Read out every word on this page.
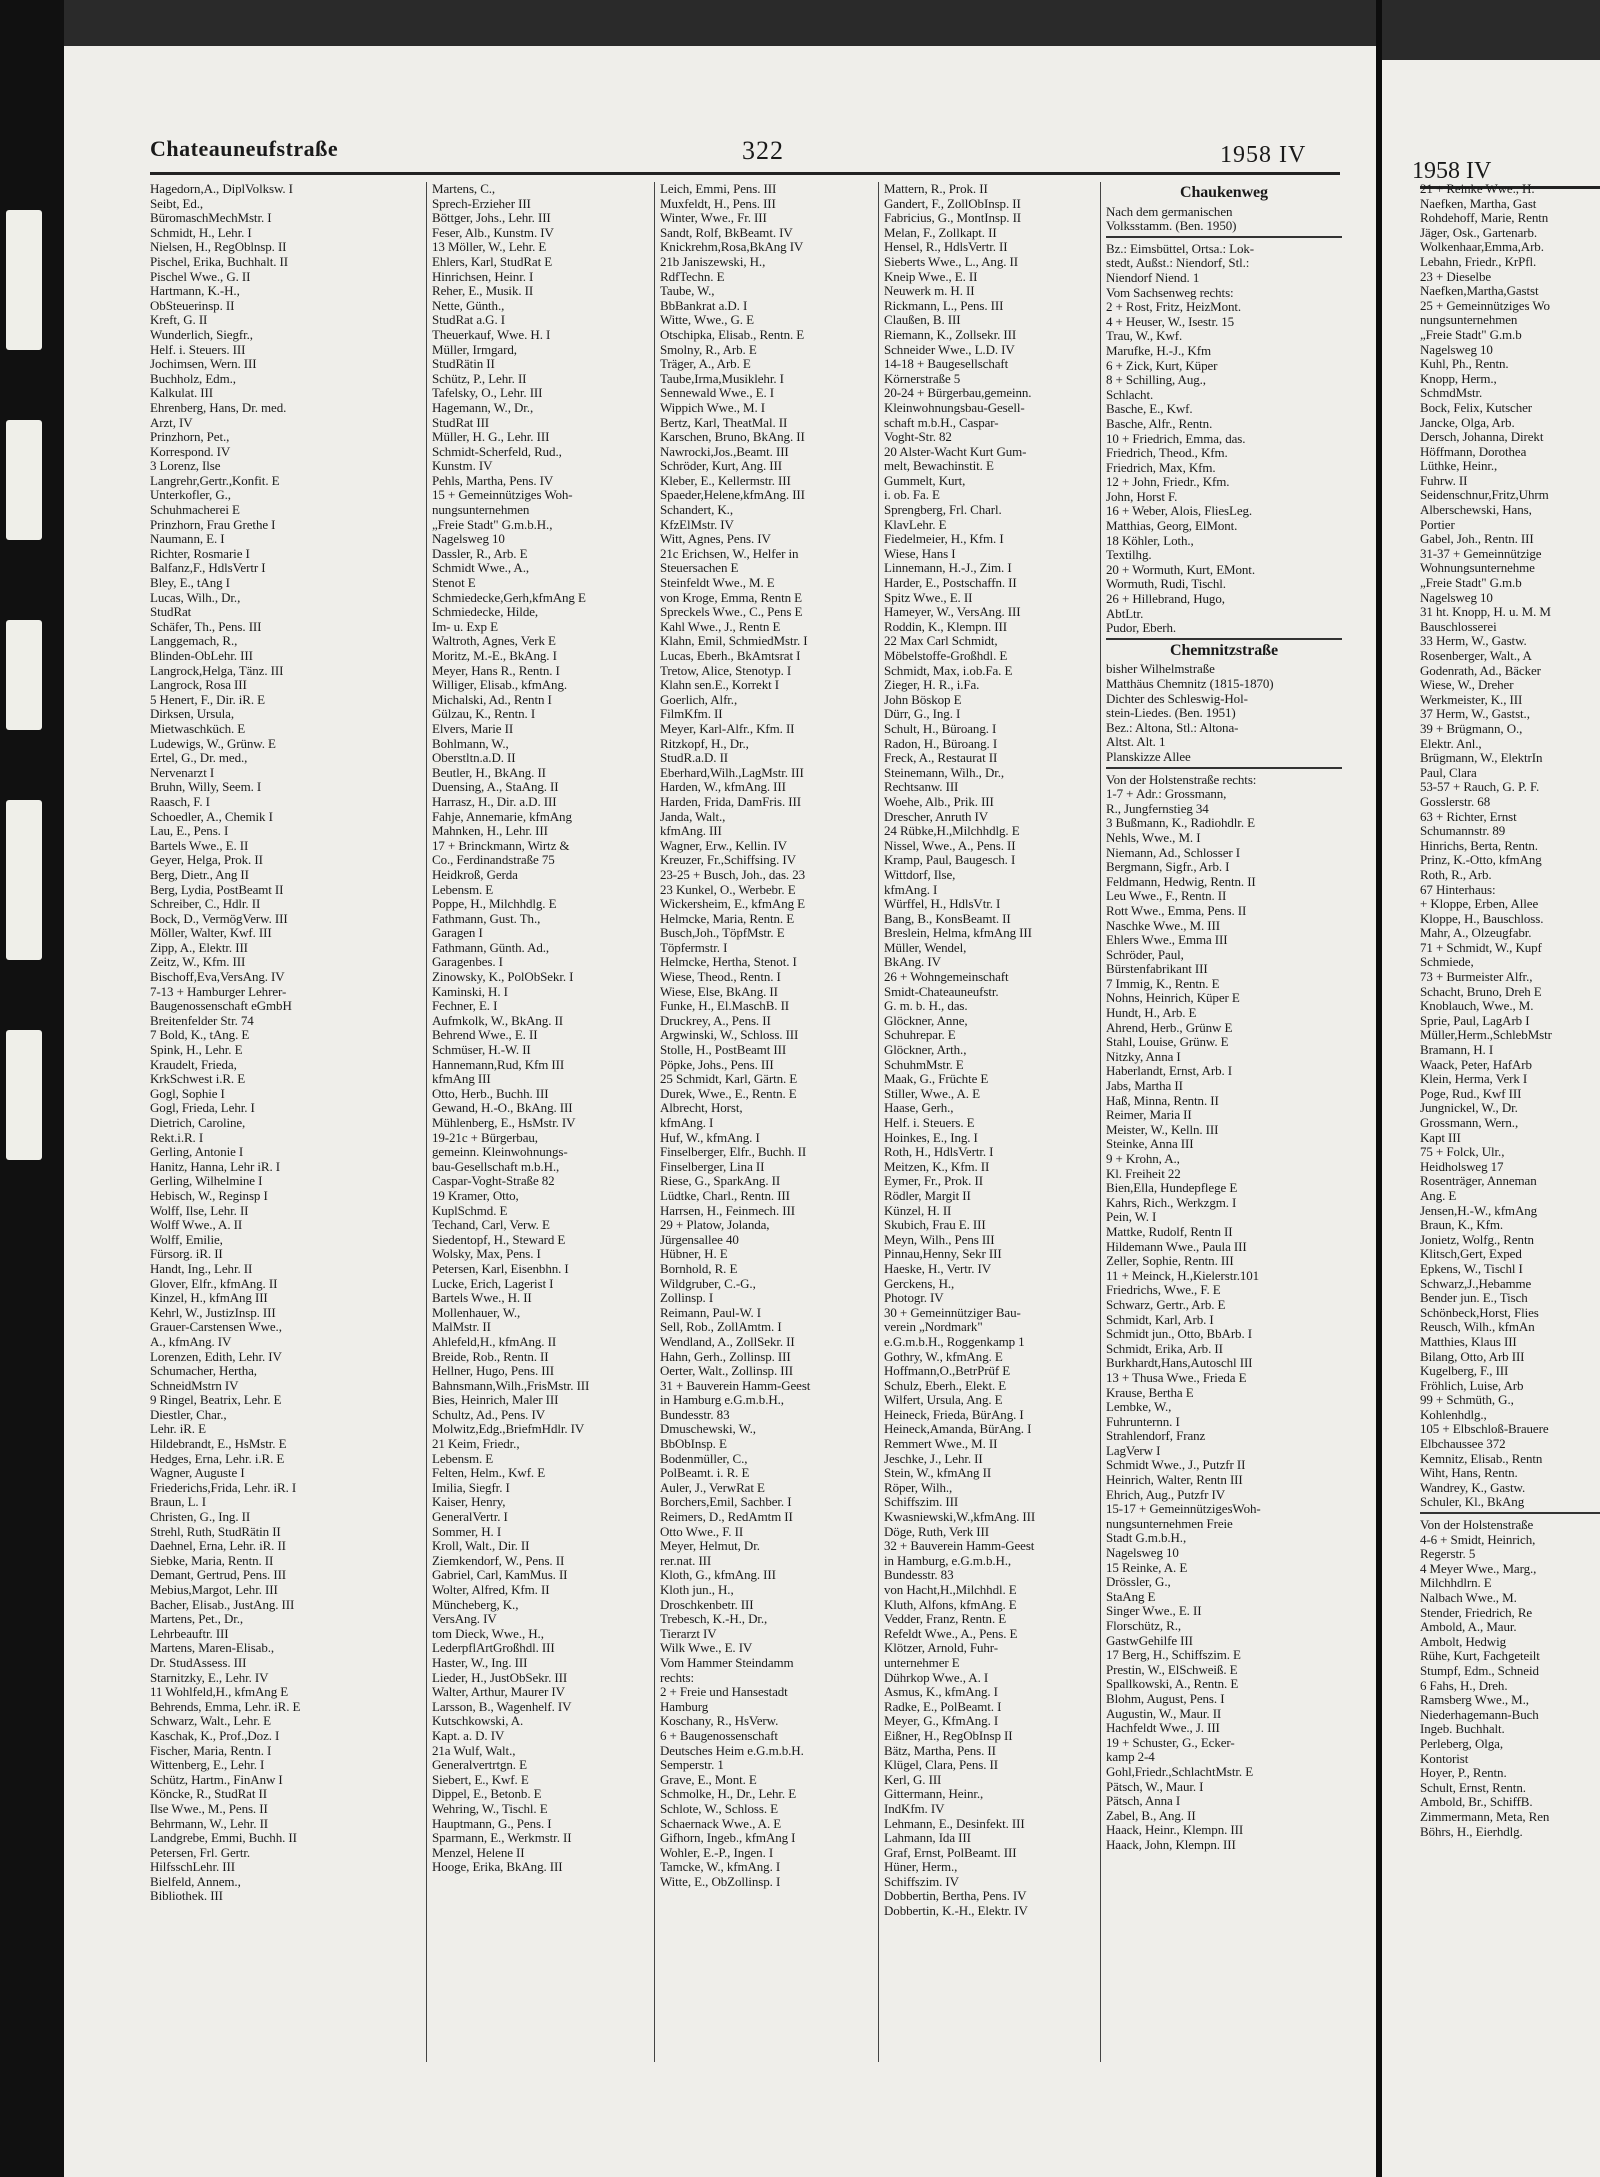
Chateauneufstraße	322	1958 IV
1958 IV
Hagedorn,A., DiplVolksw. I
Seibt, Ed.,
BüromaschMechMstr. I
Schmidt, H., Lehr. I
Nielsen, H., RegOblnsp. II
Pischel, Erika, Buchhalt. II
Pischel Wwe., G. II
Hartmann, K.-H.,
ObSteuerinsp. II
Kreft, G. II
Wunderlich, Siegfr.,
Helf. i. Steuers. III
Jochimsen, Wern. III
Buchholz, Edm.,
Kalkulat. III
Ehrenberg, Hans, Dr. med.
Arzt, IV
Prinzhorn, Pet.,
Korrespond. IV
3 Lorenz, Ilse
Langrehr,Gertr.,Konfit. E
Unterkofler, G.,
Schuhmacherei E
Prinzhorn, Frau Grethe I
Naumann, E. I
Richter, Rosmarie I
Balfanz,F., HdlsVertr I
Bley, E., tAng I
Lucas, Wilh., Dr.,
StudRat
Schäfer, Th., Pens. III
Langgemach, R.,
Blinden-ObLehr. III
Langrock,Helga, Tänz. III
Langrock, Rosa III
5 Henert, F., Dir. iR. E
Dirksen, Ursula,
Mietwaschküch. E
Ludewigs, W., Grünw. E
Ertel, G., Dr. med.,
Nervenarzt I
Bruhn, Willy, Seem. I
Raasch, F. I
Schoedler, A., Chemik I
Lau, E., Pens. I
Bartels Wwe., E. II
Geyer, Helga, Prok. II
Berg, Dietr., Ang II
Berg, Lydia, PostBeamt II
Schreiber, C., Hdlr. II
Bock, D., VermögVerw. III
Möller, Walter, Kwf. III
Zipp, A., Elektr. III
Zeitz, W., Kfm. III
Bischoff,Eva,VersAng. IV
7-13 + Hamburger Lehrer-
Baugenossenschaft eGmbH
Breitenfelder Str. 74
7 Bold, K., tAng. E
Spink, H., Lehr. E
Kraudelt, Frieda,
KrkSchwest i.R. E
Gogl, Sophie I
Gogl, Frieda, Lehr. I
Dietrich, Caroline,
Rekt.i.R. I
Gerling, Antonie I
Hanitz, Hanna, Lehr iR. I
Gerling, Wilhelmine I
Hebisch, W., Reginsp I
Wolff, Ilse, Lehr. II
Wolff Wwe., A. II
Wolff, Emilie,
Fürsorg. iR. II
Handt, Ing., Lehr. II
Glover, Elfr., kfmAng. II
Kinzel, H., kfmAng III
Kehrl, W., JustizInsp. III
Grauer-Carstensen Wwe.,
A., kfmAng. IV
Lorenzen, Edith, Lehr. IV
Schumacher, Hertha,
SchneidMstrn IV
9 Ringel, Beatrix, Lehr. E
Diestler, Char.,
Lehr. iR. E
Hildebrandt, E., HsMstr. E
Hedges, Erna, Lehr. i.R. E
Wagner, Auguste I
Friederichs,Frida, Lehr. iR. I
Braun, L. I
Christen, G., Ing. II
Strehl, Ruth, StudRätin II
Daehnel, Erna, Lehr. iR. II
Siebke, Maria, Rentn. II
Demant, Gertrud, Pens. III
Mebius,Margot, Lehr. III
Bacher, Elisab., JustAng. III
Martens, Pet., Dr.,
Lehrbeauftr. III
Martens, Maren-Elisab.,
Dr. StudAssess. III
Starnitzky, E., Lehr. IV
11 Wohlfeld,H., kfmAng E
Behrends, Emma, Lehr. iR. E
Schwarz, Walt., Lehr. E
Kaschak, K., Prof.,Doz. I
Fischer, Maria, Rentn. I
Wittenberg, E., Lehr. I
Schütz, Hartm., FinAnw I
Köncke, R., StudRat II
Ilse Wwe., M., Pens. II
Behrmann, W., Lehr. II
Landgrebe, Emmi, Buchh. II
Petersen, Frl. Gertr.
HilfsschLehr. III
Bielfeld, Annem.,
Bibliothek. III
Martens, C.,
Sprech-Erzieher III
Böttger, Johs., Lehr. III
Feser, Alb., Kunstm. IV
13 Möller, W., Lehr. E
Ehlers, Karl, StudRat E
Hinrichsen, Heinr. I
Reher, E., Musik. II
Nette, Günth.,
StudRat a.G. I
Theuerkauf, Wwe. H. I
Müller, Irmgard,
StudRätin II
Schütz, P., Lehr. II
Tafelsky, O., Lehr. III
Hagemann, W., Dr.,
StudRat III
Müller, H. G., Lehr. III
Schmidt-Scherfeld, Rud.,
Kunstm. IV
Pehls, Martha, Pens. IV
15 + Gemeinnütziges Woh-
nungsunternehmen
„Freie Stadt" G.m.b.H.,
Nagelsweg 10
Dassler, R., Arb. E
Schmidt Wwe., A.,
Stenot E
Schmiedecke,Gerh,kfmAng E
Schmiedecke, Hilde,
Im- u. Exp E
Waltroth, Agnes, Verk E
Moritz, M.-E., BkAng. I
Meyer, Hans R., Rentn. I
Williger, Elisab., kfmAng.
Michalski, Ad., Rentn I
Gülzau, K., Rentn. I
Elvers, Marie II
Bohlmann, W.,
Oberstltn.a.D. II
Beutler, H., BkAng. II
Duensing, A., StaAng. II
Harrasz, H., Dir. a.D. III
Fahje, Annemarie, kfmAng
Mahnken, H., Lehr. III
17 + Brinckmann, Wirtz &
Co., Ferdinandstraße 75
Heidkroß, Gerda
Lebensm. E
Poppe, H., Milchhdlg. E
Fathmann, Gust. Th.,
Garagen I
Fathmann, Günth. Ad.,
Garagenbes. I
Zinowsky, K., PolObSekr. I
Kaminski, H. I
Fechner, E. I
Aufmkolk, W., BkAng. II
Behrend Wwe., E. II
Schmüser, H.-W. II
Hannemann,Rud, Kfm III
kfmAng III
Otto, Herb., Buchh. III
Gewand, H.-O., BkAng. III
Mühlenberg, E., HsMstr. IV
19-21c + Bürgerbau,
gemeinn. Kleinwohnungs-
bau-Gesellschaft m.b.H.,
Caspar-Voght-Straße 82
19 Kramer, Otto,
KuplSchmd. E
Techand, Carl, Verw. E
Siedentopf, H., Steward E
Wolsky, Max, Pens. I
Petersen, Karl, Eisenbhn. I
Lucke, Erich, Lagerist I
Bartels Wwe., H. II
Mollenhauer, W.,
MalMstr. II
Ahlefeld,H., kfmAng. II
Breide, Rob., Rentn. II
Hellner, Hugo, Pens. III
Bahnsmann,Wilh.,FrisMstr. III
Bies, Heinrich, Maler III
Schultz, Ad., Pens. IV
Molwitz,Edg.,BriefmHdlr. IV
21 Keim, Friedr.,
Lebensm. E
Felten, Helm., Kwf. E
Imilia, Siegfr. I
Kaiser, Henry,
GeneralVertr. I
Sommer, H. I
Kroll, Walt., Dir. II
Ziemkendorf, W., Pens. II
Gabriel, Carl, KamMus. II
Wolter, Alfred, Kfm. II
Müncheberg, K.,
VersAng. IV
tom Dieck, Wwe., H.,
LederpflArtGroßhdl. III
Haster, W., Ing. III
Lieder, H., JustObSekr. III
Walter, Arthur, Maurer IV
Larsson, B., Wagenhelf. IV
Kutschkowski, A.
Kapt. a. D. IV
21a Wulf, Walt.,
Generalvertrtgn. E
Siebert, E., Kwf. E
Dippel, E., Betonb. E
Wehring, W., Tischl. E
Hauptmann, G., Pens. I
Sparmann, E., Werkmstr. II
Menzel, Helene II
Hooge, Erika, BkAng. III
Leich, Emmi, Pens. III
Muxfeldt, H., Pens. III
Winter, Wwe., Fr. III
Sandt, Rolf, BkBeamt. IV
Knickrehm,Rosa,BkAng IV
21b Janiszewski, H.,
RdfTechn. E
Taube, W.,
BbBankrat a.D. I
Witte, Wwe., G. E
Otschipka, Elisab., Rentn. E
Smolny, R., Arb. E
Träger, A., Arb. E
Taube,Irma,Musiklehr. I
Sennewald Wwe., E. I
Wippich Wwe., M. I
Bertz, Karl, TheatMal. II
Karschen, Bruno, BkAng. II
Nawrocki,Jos.,Beamt. III
Schröder, Kurt, Ang. III
Kleber, E., Kellermstr. III
Spaeder,Helene,kfmAng. III
Schandert, K.,
KfzElMstr. IV
Witt, Agnes, Pens. IV
21c Erichsen, W., Helfer in
Steuersachen E
Steinfeldt Wwe., M. E
von Kroge, Emma, Rentn E
Spreckels Wwe., C., Pens E
Kahl Wwe., J., Rentn E
Klahn, Emil, SchmiedMstr. I
Lucas, Eberh., BkAmtsrat I
Tretow, Alice, Stenotyp. I
Klahn sen.E., Korrekt I
Goerlich, Alfr.,
FilmKfm. II
Meyer, Karl-Alfr., Kfm. II
Ritzkopf, H., Dr.,
StudR.a.D. II
Eberhard,Wilh.,LagMstr. III
Harden, W., kfmAng. III
Harden, Frida, DamFris. III
Janda, Walt.,
kfmAng. III
Wagner, Erw., Kellin. IV
Kreuzer, Fr.,Schiffsing. IV
23-25 + Busch, Joh., das. 23
23 Kunkel, O., Werbebr. E
Wickersheim, E., kfmAng E
Helmcke, Maria, Rentn. E
Busch,Joh., TöpfMstr. E
Töpfermstr. I
Helmcke, Hertha, Stenot. I
Wiese, Theod., Rentn. I
Wiese, Else, BkAng. II
Funke, H., El.MaschB. II
Druckrey, A., Pens. II
Argwinski, W., Schloss. III
Stolle, H., PostBeamt III
Pöpke, Johs., Pens. III
25 Schmidt, Karl, Gärtn. E
Durek, Wwe., E., Rentn. E
Albrecht, Horst,
kfmAng. I
Huf, W., kfmAng. I
Finselberger, Elfr., Buchh. II
Finselberger, Lina II
Riese, G., SparkAng. II
Lüdtke, Charl., Rentn. III
Harrsen, H., Feinmech. III
29 + Platow, Jolanda,
Jürgensallee 40
Hübner, H. E
Bornhold, R. E
Wildgruber, C.-G.,
Zollinsp. I
Reimann, Paul-W. I
Sell, Rob., ZollAmtm. I
Wendland, A., ZollSekr. II
Hahn, Gerh., Zollinsp. III
Oerter, Walt., Zollinsp. III
31 + Bauverein Hamm-Geest
in Hamburg e.G.m.b.H.,
Bundesstr. 83
Dmuschewski, W.,
BbObInsp. E
Bodenmüller, C.,
PolBeamt. i. R. E
Auler, J., VerwRat E
Borchers,Emil, Sachber. I
Reimers, D., RedAmtm II
Otto Wwe., F. II
Meyer, Helmut, Dr.
rer.nat. III
Kloth, G., kfmAng. III
Kloth jun., H.,
Droschkenbetr. III
Trebesch, K.-H., Dr.,
Tierarzt IV
Wilk Wwe., E. IV
Vom Hammer Steindamm
rechts:
2 + Freie und Hansestadt
Hamburg
Koschany, R., HsVerw.
6 + Baugenossenschaft
Deutsches Heim e.G.m.b.H.
Semperstr. 1
Grave, E., Mont. E
Schmolke, H., Dr., Lehr. E
Schlote, W., Schloss. E
Schaernack Wwe., A. E
Gifhorn, Ingeb., kfmAng I
Wohler, E.-P., Ingen. I
Tamcke, W., kfmAng. I
Witte, E., ObZollinsp. I
Mattern, R., Prok. II
Gandert, F., ZollObInsp. II
Fabricius, G., MontInsp. II
Melan, F., Zollkapt. II
Hensel, R., HdlsVertr. II
Sieberts Wwe., L., Ang. II
Kneip Wwe., E. II
Neuwerk m. H. II
Rickmann, L., Pens. III
Claußen, B. III
Riemann, K., Zollsekr. III
Schneider Wwe., L.D. IV
14-18 + Baugesellschaft
Körnerstraße 5
20-24 + Bürgerbau,gemeinn.
Kleinwohnungsbau-Gesell-
schaft m.b.H., Caspar-
Voght-Str. 82
20 Alster-Wacht Kurt Gum-
melt, Bewachinstit. E
Gummelt, Kurt,
i. ob. Fa. E
Sprengberg, Frl. Charl.
KlavLehr. E
Fiedelmeier, H., Kfm. I
Wiese, Hans I
Linnemann, H.-J., Zim. I
Harder, E., Postschaffn. II
Spitz Wwe., E. II
Hameyer, W., VersAng. III
Roddin, K., Klempn. III
22 Max Carl Schmidt,
Möbelstoffe-Großhdl. E
Schmidt, Max, i.ob.Fa. E
Zieger, H. R., i.Fa.
John Böskop E
Dürr, G., Ing. I
Schult, H., Büroang. I
Radon, H., Büroang. I
Freck, A., Restaurat II
Steinemann, Wilh., Dr.,
Rechtsanw. III
Woehe, Alb., Prik. III
Drescher, Anruth IV
24 Rübke,H.,Milchhdlg. E
Nissel, Wwe., A., Pens. II
Kramp, Paul, Baugesch. I
Wittdorf, Ilse,
kfmAng. I
Würffel, H., HdlsVtr. I
Bang, B., KonsBeamt. II
Breslein, Helma, kfmAng III
Müller, Wendel,
BkAng. IV
26 + Wohngemeinschaft
Smidt-Chateauneufstr.
G. m. b. H., das.
Glöckner, Anne,
Schuhrepar. E
Glöckner, Arth.,
SchuhmMstr. E
Maak, G., Früchte E
Stiller, Wwe., A. E
Haase, Gerh.,
Helf. i. Steuers. E
Hoinkes, E., Ing. I
Roth, H., HdlsVertr. I
Meitzen, K., Kfm. II
Eymer, Fr., Prok. II
Rödler, Margit II
Künzel, H. II
Skubich, Frau E. III
Meyn, Wilh., Pens III
Pinnau,Henny, Sekr III
Haeske, H., Vertr. IV
Gerckens, H.,
Photogr. IV
30 + Gemeinnütziger Bau-
verein „Nordmark"
e.G.m.b.H., Roggenkamp 1
Gothry, W., kfmAng. E
Hoffmann,O.,BetrPrüf E
Schulz, Eberh., Elekt. E
Wilfert, Ursula, Ang. E
Heineck, Frieda, BürAng. I
Heineck,Amanda, BürAng. I
Remmert Wwe., M. II
Jeschke, J., Lehr. II
Stein, W., kfmAng II
Röper, Wilh.,
Schiffszim. III
Kwasniewski,W.,kfmAng. III
Döge, Ruth, Verk III
32 + Bauverein Hamm-Geest
in Hamburg, e.G.m.b.H.,
Bundesstr. 83
von Hacht,H.,Milchhdl. E
Kluth, Alfons, kfmAng. E
Vedder, Franz, Rentn. E
Refeldt Wwe., A., Pens. E
Klötzer, Arnold, Fuhr-
unternehmer E
Dührkop Wwe., A. I
Asmus, K., kfmAng. I
Radke, E., PolBeamt. I
Meyer, G., KfmAng. I
Eißner, H., RegObInsp II
Bätz, Martha, Pens. II
Klügel, Clara, Pens. II
Kerl, G. III
Gittermann, Heinr.,
IndKfm. IV
Lehmann, E., Desinfekt. III
Lahmann, Ida III
Graf, Ernst, PolBeamt. III
Hüner, Herm.,
Schiffszim. IV
Dobbertin, Bertha, Pens. IV
Dobbertin, K.-H., Elektr. IV
Chaukenweg
Nach dem germanischen
Volksstamm. (Ben. 1950)
Bz.: Eimsbüttel, Ortsa.: Lok-
stedt, Außst.: Niendorf, Stl.:
Niendorf Niend. 1
Vom Sachsenweg rechts:
2 + Rost, Fritz, HeizMont.
4 + Heuser, W., Isestr. 15
Trau, W., Kwf.
Marufke, H.-J., Kfm
6 + Zick, Kurt, Küper
8 + Schilling, Aug.,
Schlacht.
Basche, E., Kwf.
Basche, Alfr., Rentn.
10 + Friedrich, Emma, das.
Friedrich, Theod., Kfm.
Friedrich, Max, Kfm.
12 + John, Friedr., Kfm.
John, Horst F.
16 + Weber, Alois, FliesLeg.
Matthias, Georg, ElMont.
18 Köhler, Loth.,
Textilhg.
20 + Wormuth, Kurt, EMont.
Wormuth, Rudi, Tischl.
26 + Hillebrand, Hugo,
AbtLtr.
Pudor, Eberh.
Chemnitzstraße
bisher Wilhelmstraße
Matthäus Chemnitz (1815-1870)
Dichter des Schleswig-Hol-
stein-Liedes. (Ben. 1951)
Bez.: Altona, Stl.: Altona-
Altst. Alt. 1
Planskizze Allee
Von der Holstenstraße rechts:
1-7 + Adr.: Grossmann,
R., Jungfernstieg 34
3 Bußmann, K., Radiohdlr. E
Nehls, Wwe., M. I
Niemann, Ad., Schlosser I
Bergmann, Sigfr., Arb. I
Feldmann, Hedwig, Rentn. II
Leu Wwe., F., Rentn. II
Rott Wwe., Emma, Pens. II
Naschke Wwe., M. III
Ehlers Wwe., Emma III
Schröder, Paul,
Bürstenfabrikant III
7 Immig, K., Rentn. E
Nohns, Heinrich, Küper E
Hundt, H., Arb. E
Ahrend, Herb., Grünw E
Stahl, Louise, Grünw. E
Nitzky, Anna I
Haberlandt, Ernst, Arb. I
Jabs, Martha II
Haß, Minna, Rentn. II
Reimer, Maria II
Meister, W., Kelln. III
Steinke, Anna III
9 + Krohn, A.,
Kl. Freiheit 22
Bien,Ella, Hundepflege E
Kahrs, Rich., Werkzgm. I
Pein, W. I
Mattke, Rudolf, Rentn II
Hildemann Wwe., Paula III
Zeller, Sophie, Rentn. III
11 + Meinck, H.,Kielerstr.101
Friedrichs, Wwe., F. E
Schwarz, Gertr., Arb. E
Schmidt, Karl, Arb. I
Schmidt jun., Otto, BbArb. I
Schmidt, Erika, Arb. II
Burkhardt,Hans,Autoschl III
13 + Thusa Wwe., Frieda E
Krause, Bertha E
Lembke, W.,
Fuhrunternn. I
Strahlendorf, Franz
LagVerw I
Schmidt Wwe., J., Putzfr II
Heinrich, Walter, Rentn III
Ehrich, Aug., Putzfr IV
15-17 + GemeinnützigesWoh-
nungsunternehmen Freie
Stadt G.m.b.H.,
Nagelsweg 10
15 Reinke, A. E
Drössler, G.,
StaAng E
Singer Wwe., E. II
Florschütz, R.,
GastwGehilfe III
17 Berg, H., Schiffszim. E
Prestin, W., ElSchweiß. E
Spallkowski, A., Rentn. E
Blohm, August, Pens. I
Augustin, W., Maur. II
Hachfeldt Wwe., J. III
19 + Schuster, G., Ecker-
kamp 2-4
Gohl,Friedr.,SchlachtMstr. E
Pätsch, W., Maur. I
Pätsch, Anna I
Zabel, B., Ang. II
Haack, Heinr., Klempn. III
Haack, John, Klempn. III
21 + Reinke Wwe., H.
Naefken, Martha, Gast
Rohdehoff, Marie, Rentn
Jäger, Osk., Gartenarb.
Wolkenhaar,Emma,Arb.
Lebahn, Friedr., KrPfl.
23 + Dieselbe
Naefken,Martha,Gastst
25 + Gemeinnütziges Wo
nungsunternehmen
„Freie Stadt" G.m.b
Nagelsweg 10
Kuhl, Ph., Rentn.
Knopp, Herm.,
SchmdMstr.
Bock, Felix, Kutscher
Jancke, Olga, Arb.
Dersch, Johanna, Direkt
Höffmann, Dorothea
Lüthke, Heinr.,
Fuhrw. II
Seidenschnur,Fritz,Uhrm
Alberschewski, Hans,
Portier
Gabel, Joh., Rentn. III
31-37 + Gemeinnützige
Wohnungsunternehme
„Freie Stadt" G.m.b
Nagelsweg 10
31 ht. Knopp, H. u. M. M
Bauschlosserei
33 Herm, W., Gastw.
Rosenberger, Walt., A
Godenrath, Ad., Bäcker
Wiese, W., Dreher
Werkmeister, K., III
37 Herm, W., Gastst.,
39 + Brügmann, O.,
Elektr. Anl.,
Brügmann, W., ElektrIn
Paul, Clara
53-57 + Rauch, G. P. F.
Gosslerstr. 68
63 + Richter, Ernst
Schumannstr. 89
Hinrichs, Berta, Rentn.
Prinz, K.-Otto, kfmAng
Roth, R., Arb.
67 Hinterhaus:
+ Kloppe, Erben, Allee
Kloppe, H., Bauschloss.
Mahr, A., Olzeugfabr.
71 + Schmidt, W., Kupf
Schmiede,
73 + Burmeister Alfr.,
Schacht, Bruno, Dreh E
Knoblauch, Wwe., M.
Sprie, Paul, LagArb I
Müller,Herm.,SchlebMstr
Bramann, H. I
Waack, Peter, HafArb
Klein, Herma, Verk I
Poge, Rud., Kwf III
Jungnickel, W., Dr.
Grossmann, Wern.,
Kapt III
75 + Folck, Ulr.,
Heidholsweg 17
Rosenträger, Anneman
Ang. E
Jensen,H.-W., kfmAng
Braun, K., Kfm.
Jonietz, Wolfg., Rentn
Klitsch,Gert, Exped
Epkens, W., Tischl I
Schwarz,J.,Hebamme
Bender jun. E., Tisch
Schönbeck,Horst, Flies
Reusch, Wilh., kfmAn
Matthies, Klaus III
Bilang, Otto, Arb III
Kugelberg, F., III
Fröhlich, Luise, Arb
99 + Schmüth, G.,
Kohlenhdlg.,
105 + Elbschloß-Brauere
Elbchaussee 372
Kemnitz, Elisab., Rentn
Wiht, Hans, Rentn.
Wandrey, K., Gastw.
Schuler, Kl., BkAng
Von der Holstenstraße
4-6 + Smidt, Heinrich,
Regerstr. 5
4 Meyer Wwe., Marg.,
Milchhdlrn. E
Nalbach Wwe., M.
Stender, Friedrich, Re
Ambold, A., Maur.
Ambolt, Hedwig
Rühe, Kurt, Fachgeteilt
Stumpf, Edm., Schneid
6 Fahs, H., Dreh.
Ramsberg Wwe., M.,
Niederhagemann-Buch
Ingeb. Buchhalt.
Perleberg, Olga,
Kontorist
Hoyer, P., Rentn.
Schult, Ernst, Rentn.
Ambold, Br., SchiffB.
Zimmermann, Meta, Ren
Böhrs, H., Eierhdlg.
